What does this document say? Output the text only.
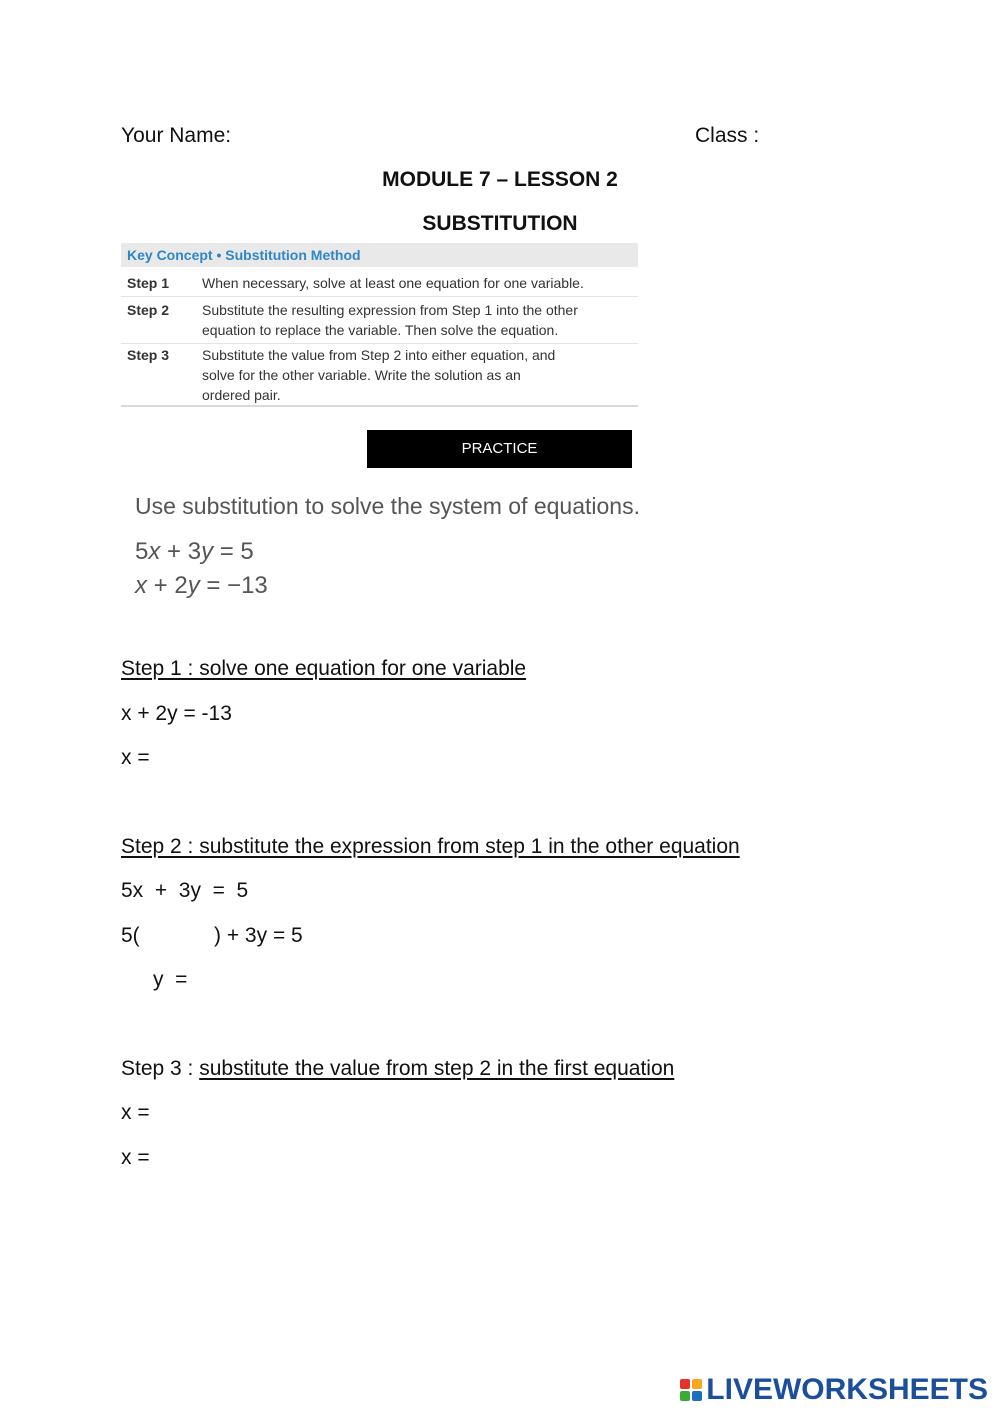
Your Name:	Class :
MODULE 7 – LESSON 2
SUBSTITUTION
Key Concept • Substitution Method
Step 1 When necessary, solve at least one equation for one variable.
Step 2 Substitute the resulting expression from Step 1 into the other
equation to replace the variable. Then solve the equation.
Step 3 Substitute the value from Step 2 into either equation, and
solve for the other variable. Write the solution as an
ordered pair.
PRACTICE
Use substitution to solve the system of equations.
5x + 3y = 5
x + 2y = −13
Step 1 : solve one equation for one variable
x + 2y = -13
x =
Step 2 : substitute the expression from step 1 in the other equation
5x  +  3y  =  5
5(	) + 3y = 5
y  =
Step 3 : substitute the value from step 2 in the first equation
x =
x =
LIVEWORKSHEETS
